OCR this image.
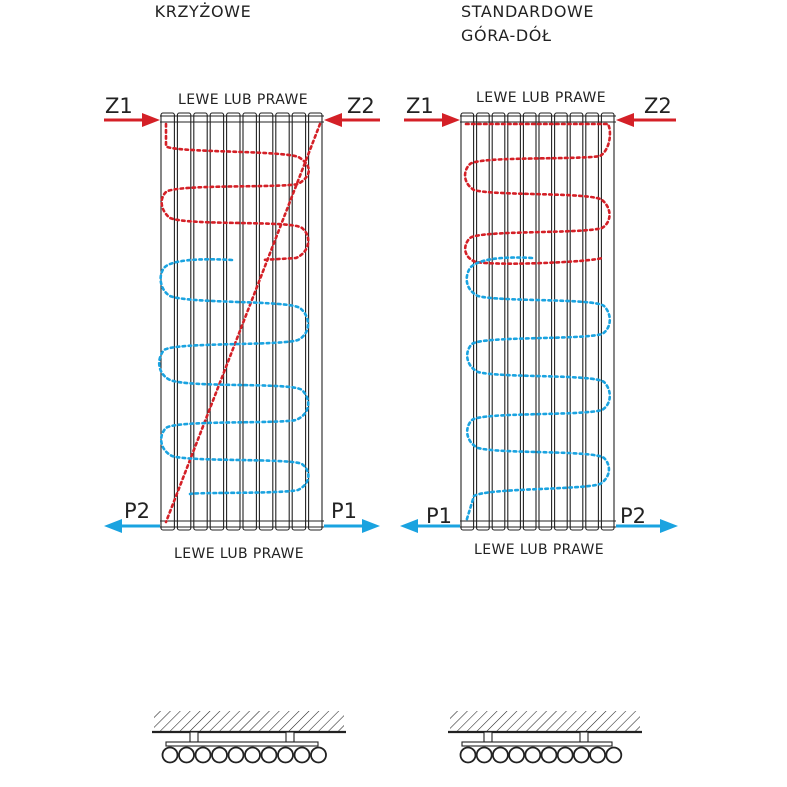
KRZYŻOWE
LEWE LUB PRAWE
LEWE LUB PRAWE
Z1	Z2
P2	P1
STANDARDOWE
GÓRA-DÓŁ
LEWE LUB PRAWE
LEWE LUB PRAWE
Z1	Z2
P1	P2
